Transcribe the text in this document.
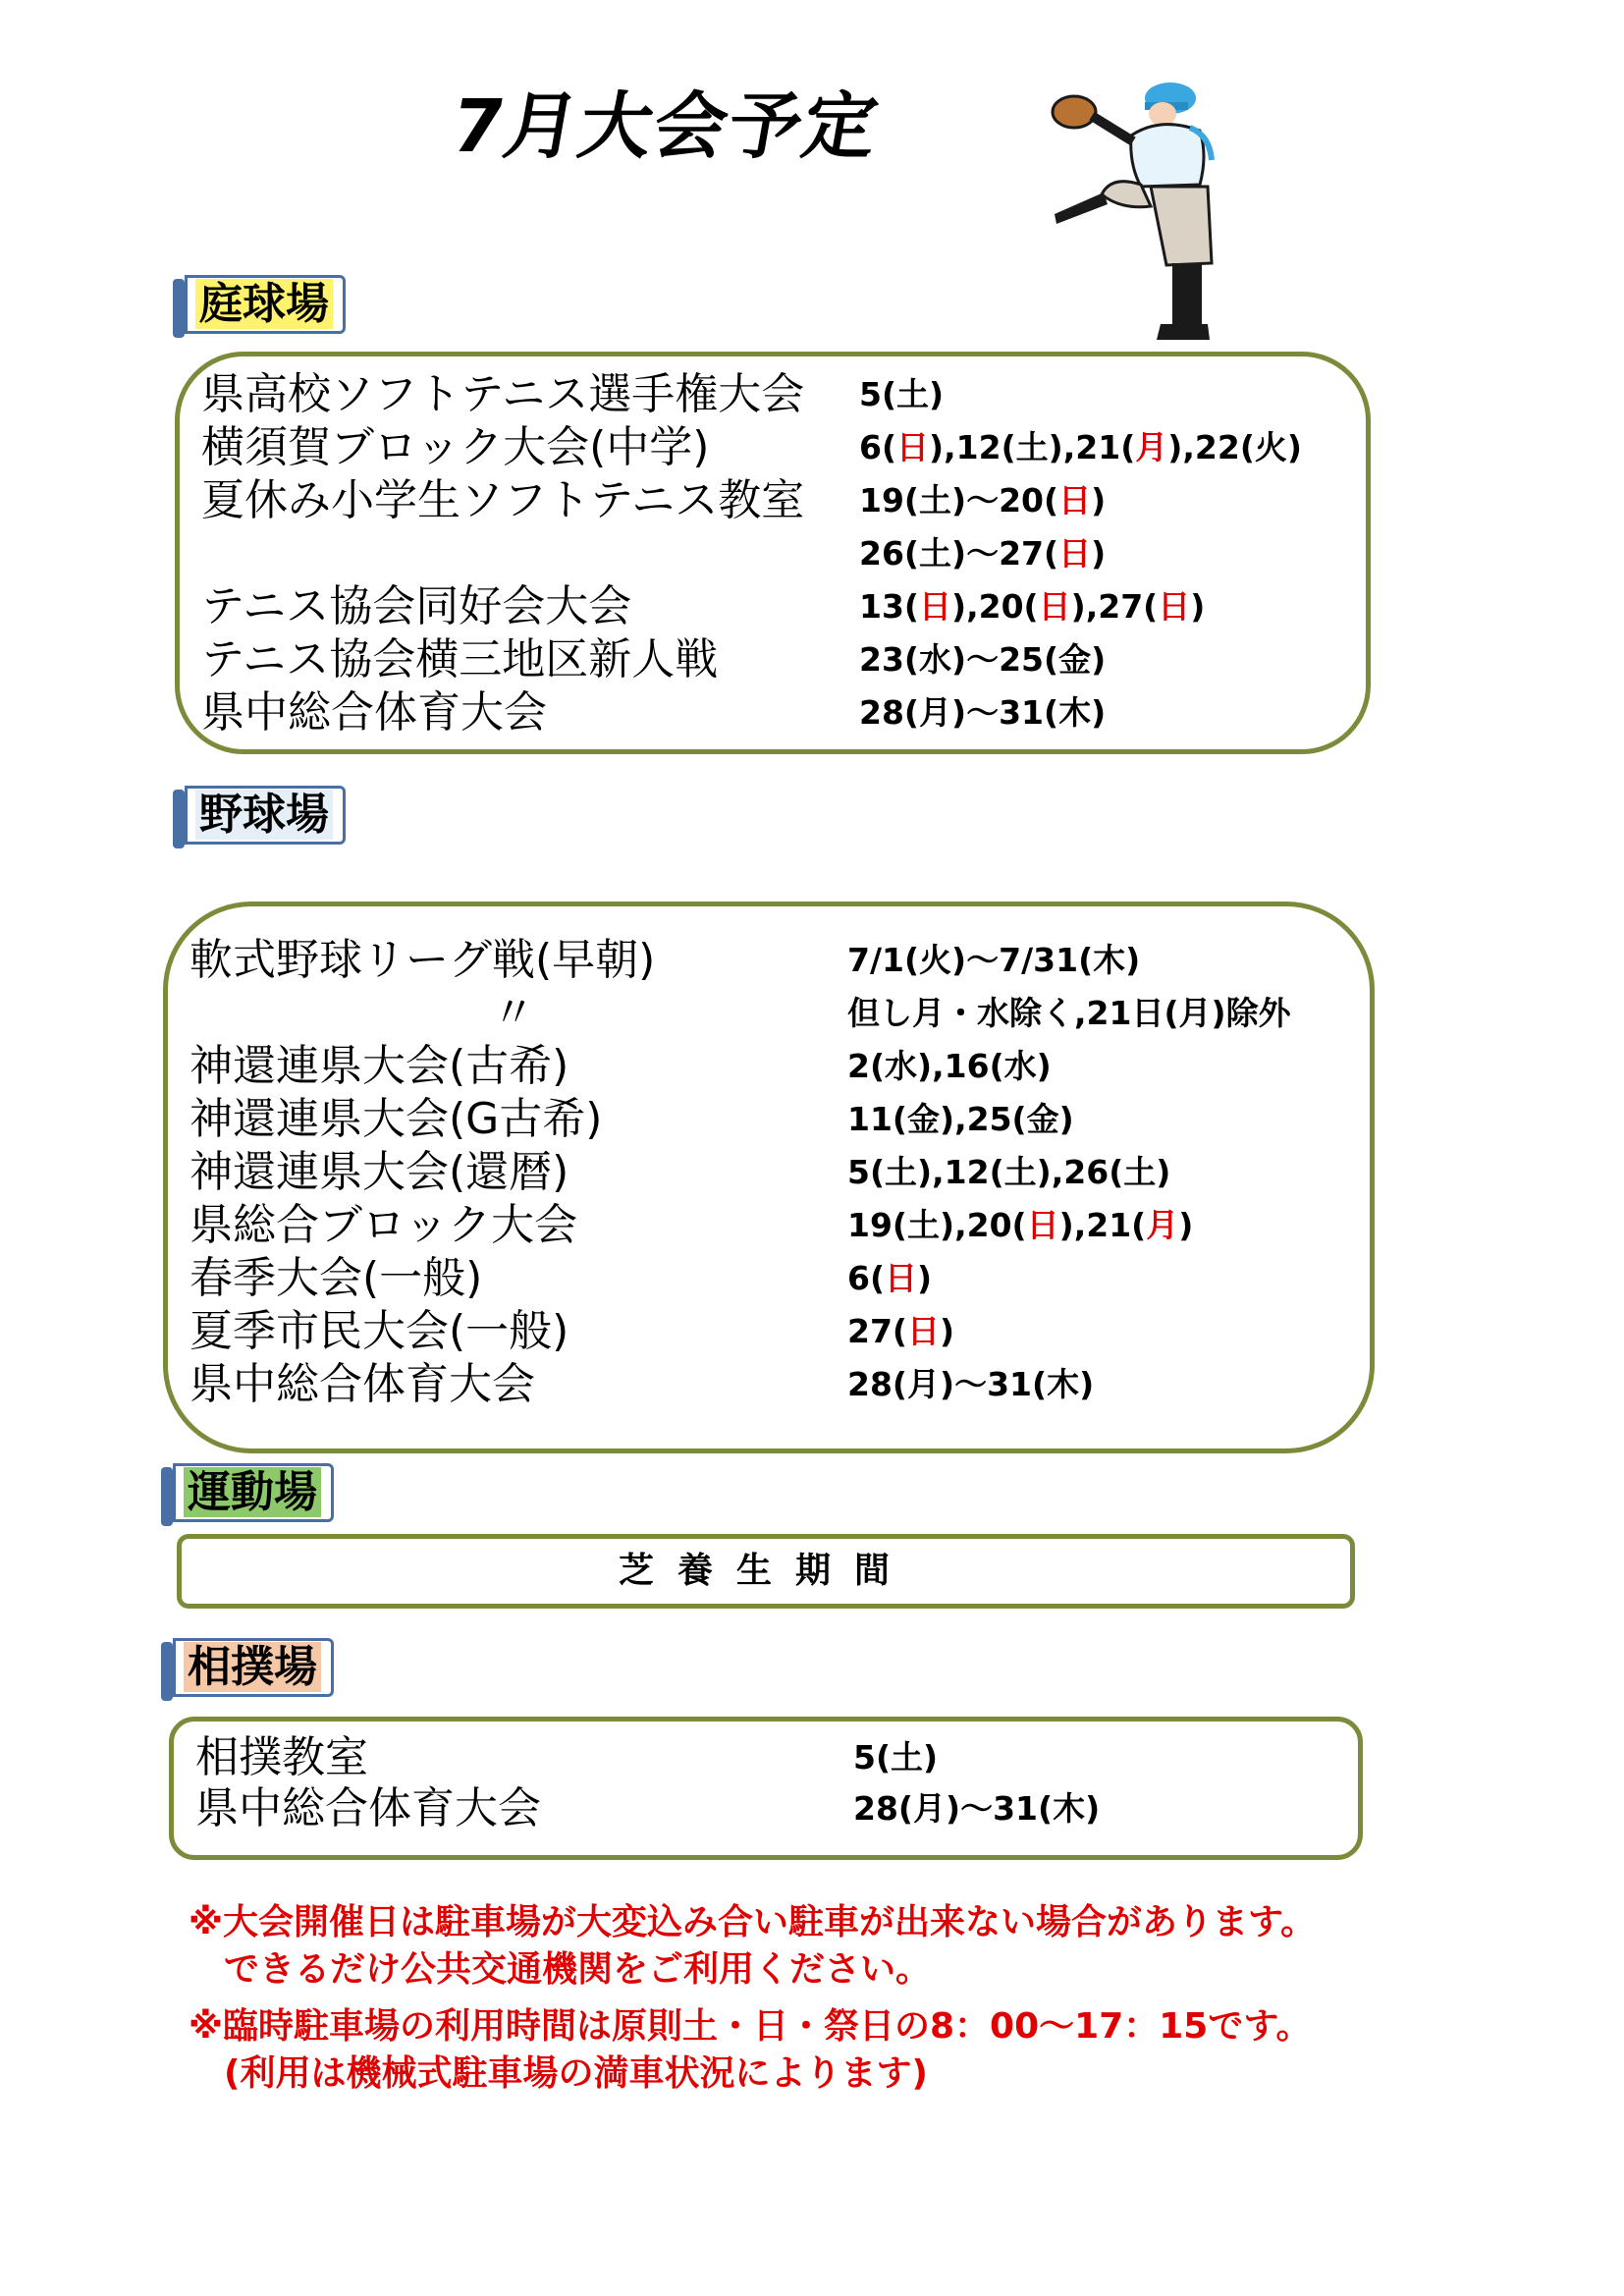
7月大会予定
庭球場
県高校ソフトテニス選手権大会 5(土)
横須賀ブロック大会(中学)	6(日),12(土),21(月),22(火)
夏休み小学生ソフトテニス教室 19(土)～20(日)
26(土)～27(日)
テニス協会同好会大会	13(日),20(日),27(日)
テニス協会横三地区新人戦	23(水)～25(金)
県中総合体育大会	28(月)～31(木)
野球場
軟式野球リーグ戦(早朝)	7/1(火)～7/31(木)
〃	但し月・水除く,21日(月)除外
神還連県大会(古希)	2(水),16(水)
神還連県大会(G古希)	11(金),25(金)
神還連県大会(還暦)	5(土),12(土),26(土)
県総合ブロック大会	19(土),20(日),21(月)
春季大会(一般)	6(日)
夏季市民大会(一般)	27(日)
県中総合体育大会	28(月)～31(木)
運動場
芝養生期間
相撲場
相撲教室	5(土)
県中総合体育大会	28(月)～31(木)
※大会開催日は駐車場が大変込み合い駐車が出来ない場合があります。
　できるだけ公共交通機関をご利用ください。
※臨時駐車場の利用時間は原則土・日・祭日の8：00～17：15です。
　(利用は機械式駐車場の満車状況によります)
